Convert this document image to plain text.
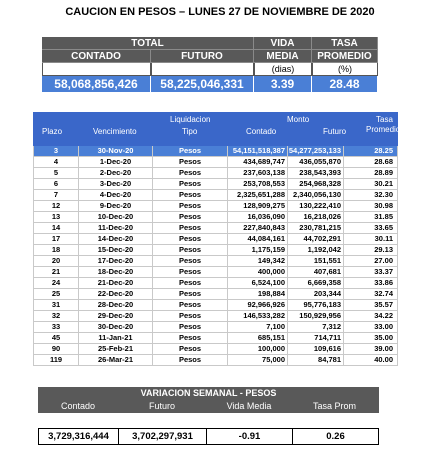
CAUCION EN PESOS – LUNES 27 DE NOVIEMBRE DE 2020
TOTAL	VIDA	TASA
CONTADO	FUTURO	MEDIA	PROMEDIO
(dias)	(%)
58,068,856,426	58,225,046,331	3.39	28.48
Plazo	Vencimiento
Liquidacion
Tipo
Monto
Contado	Futuro
Tasa
Promedio
3	30-Nov-20	Pesos	54,151,518,387 54,277,253,133	28.25
4	1-Dec-20	Pesos	434,689,747	436,055,870	28.68
5	2-Dec-20	Pesos	237,603,138	238,543,393	28.89
6	3-Dec-20	Pesos	253,708,553	254,968,328	30.21
7	4-Dec-20	Pesos	2,325,651,288	2,340,056,130	32.30
12	9-Dec-20	Pesos	128,909,275	130,222,410	30.98
13	10-Dec-20	Pesos	16,036,090	16,218,026	31.85
14	11-Dec-20	Pesos	227,840,843	230,781,215	33.65
17	14-Dec-20	Pesos	44,084,161	44,702,291	30.11
18	15-Dec-20	Pesos	1,175,159	1,192,042	29.13
20	17-Dec-20	Pesos	149,342	151,551	27.00
21	18-Dec-20	Pesos	400,000	407,681	33.37
24	21-Dec-20	Pesos	6,524,100	6,669,358	33.86
25	22-Dec-20	Pesos	198,884	203,344	32.74
31	28-Dec-20	Pesos	92,966,926	95,776,183	35.57
32	29-Dec-20	Pesos	146,533,282	150,929,956	34.22
33	30-Dec-20	Pesos	7,100	7,312	33.00
45	11-Jan-21	Pesos	685,151	714,711	35.00
90	25-Feb-21	Pesos	100,000	109,616	39.00
119	26-Mar-21	Pesos	75,000	84,781	40.00
VARIACION SEMANAL - PESOS
Contado	Futuro	Vida Media	Tasa Prom
3,729,316,444	3,702,297,931	-0.91	0.26
